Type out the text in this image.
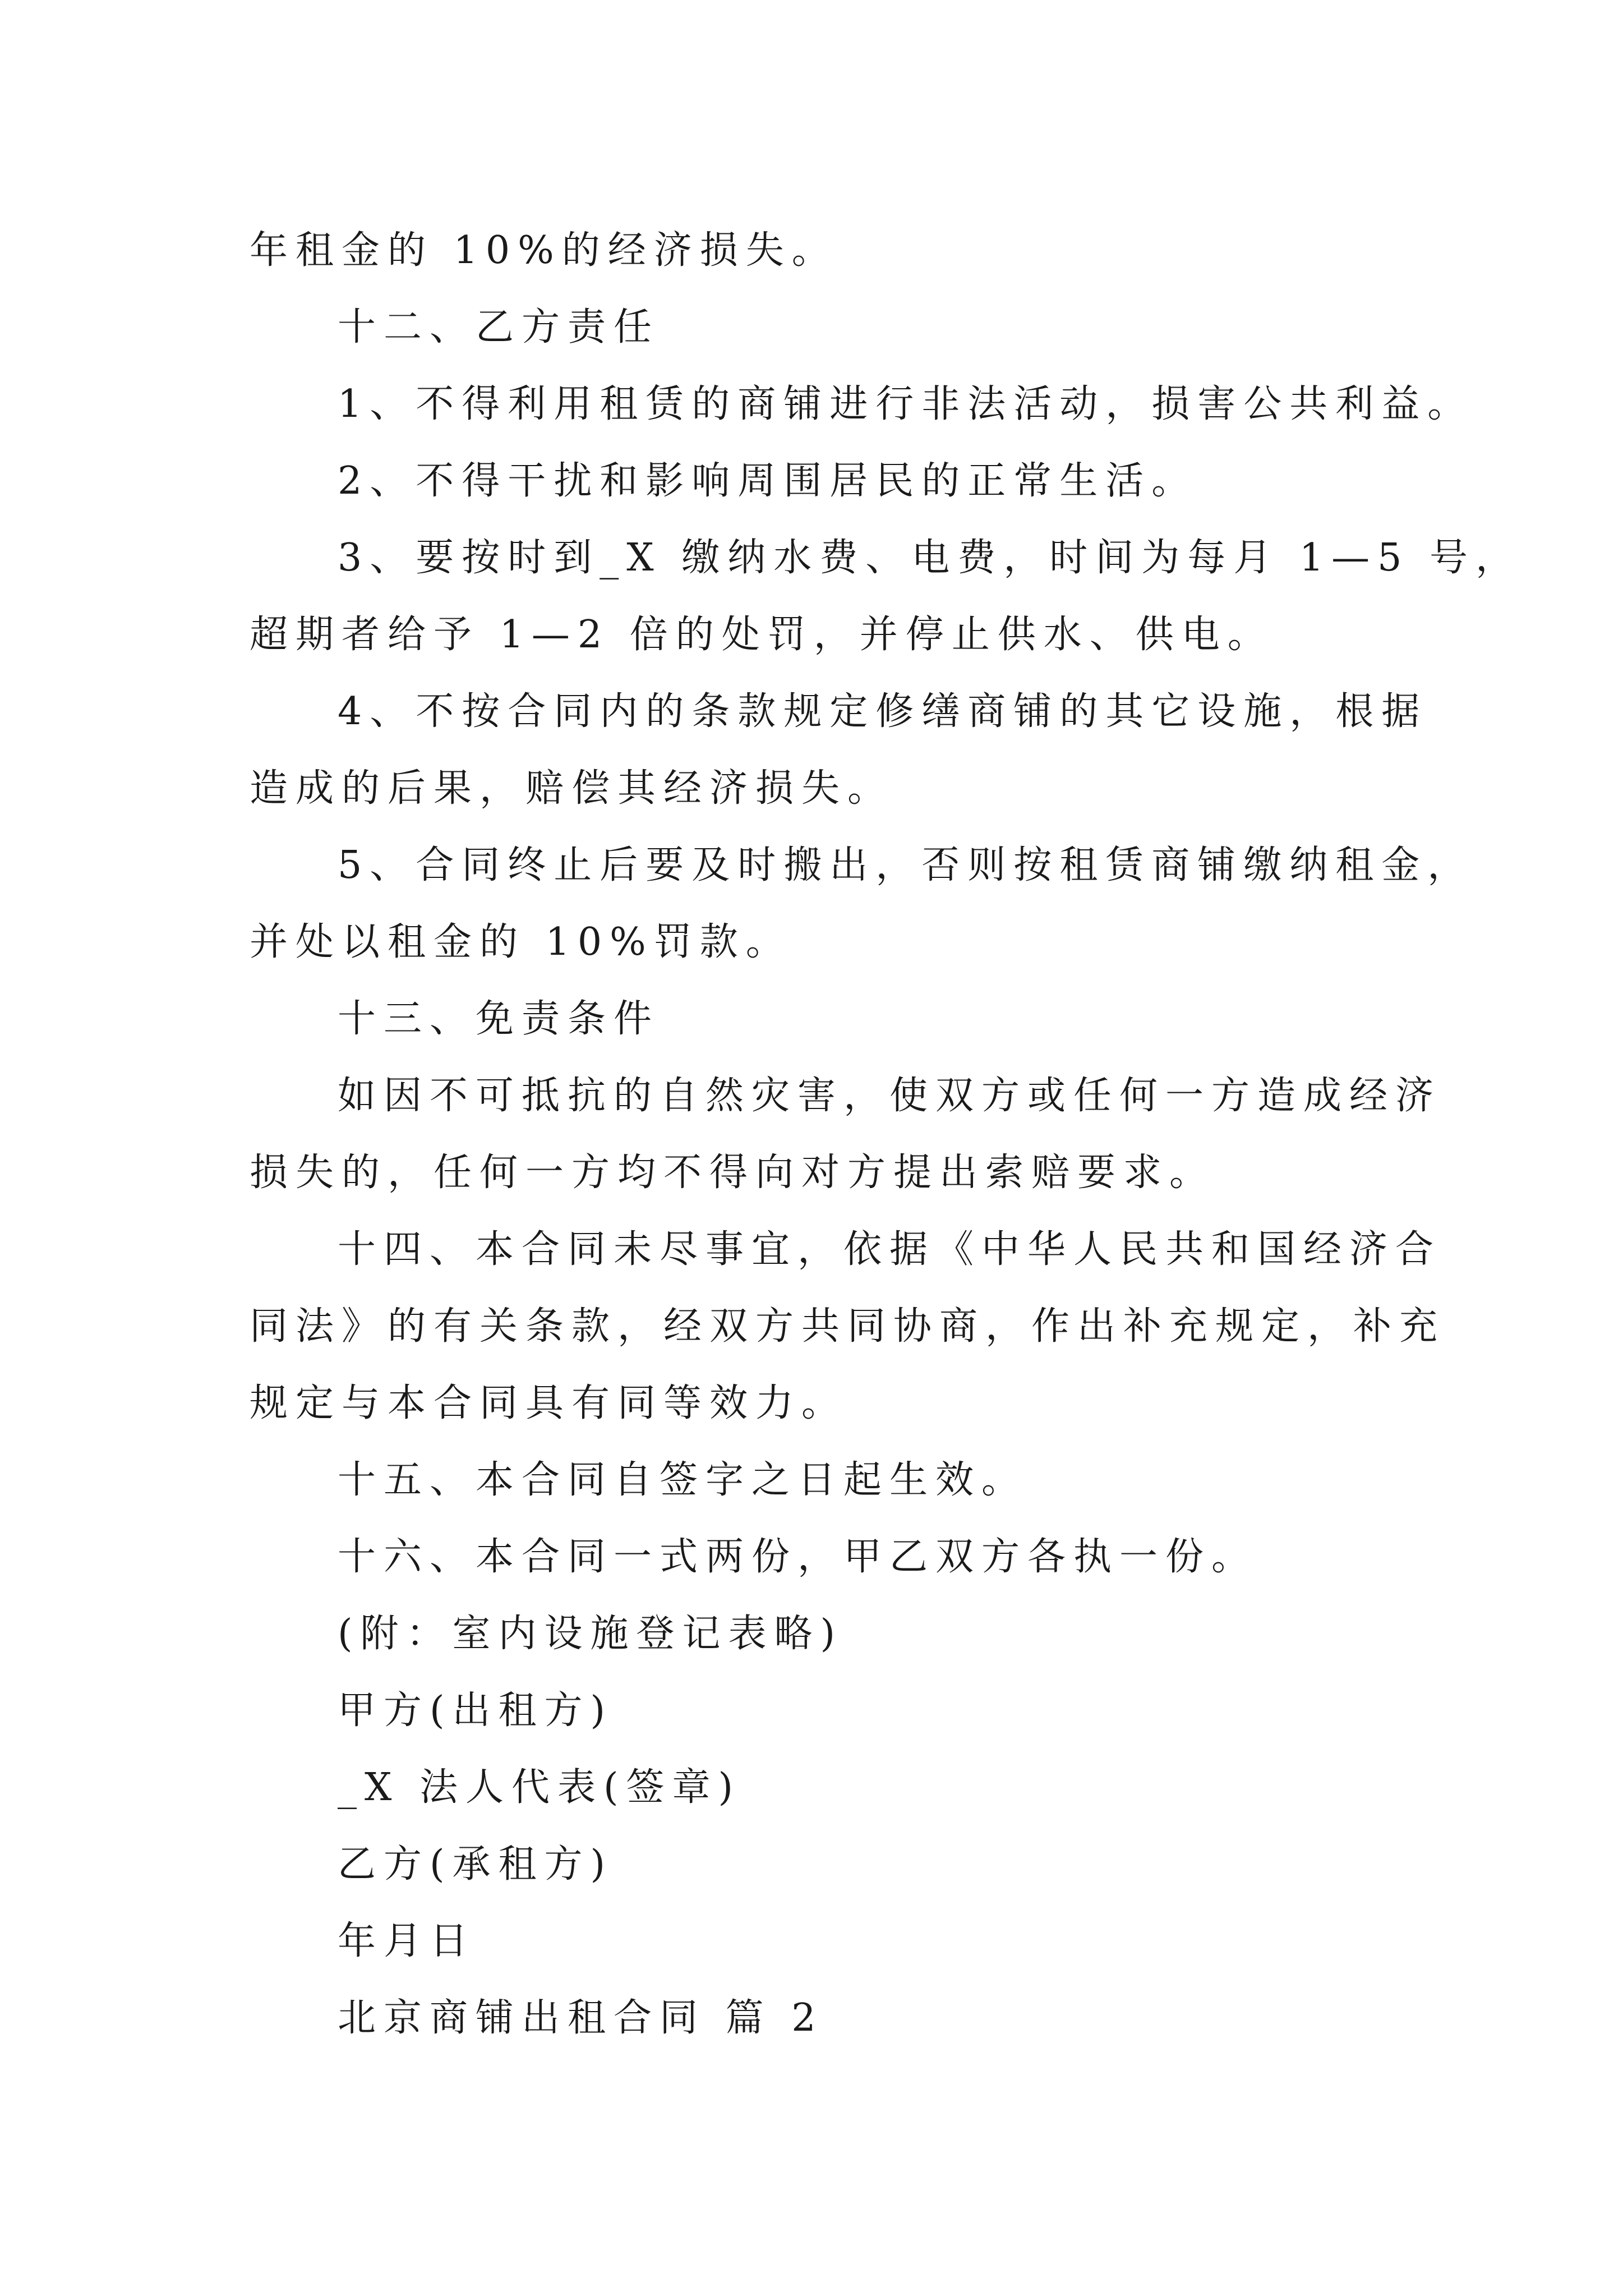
年租金的 10%的经济损失。

十二、乙方责任

1、不得利用租赁的商铺进行非法活动，损害公共利益。

2、不得干扰和影响周围居民的正常生活。

3、要按时到_X 缴纳水费、电费，时间为每月 1—5 号，

超期者给予 1—2 倍的处罚，并停止供水、供电。

4、不按合同内的条款规定修缮商铺的其它设施，根据

造成的后果，赔偿其经济损失。

5、合同终止后要及时搬出，否则按租赁商铺缴纳租金，

并处以租金的 10%罚款。

十三、免责条件

如因不可抵抗的自然灾害，使双方或任何一方造成经济

损失的，任何一方均不得向对方提出索赔要求。

十四、本合同未尽事宜，依据《中华人民共和国经济合

同法》的有关条款，经双方共同协商，作出补充规定，补充

规定与本合同具有同等效力。

十五、本合同自签字之日起生效。

十六、本合同一式两份，甲乙双方各执一份。

(附：室内设施登记表略)

甲方(出租方)

_X 法人代表(签章)

乙方(承租方)

年月日

北京商铺出租合同 篇 2
